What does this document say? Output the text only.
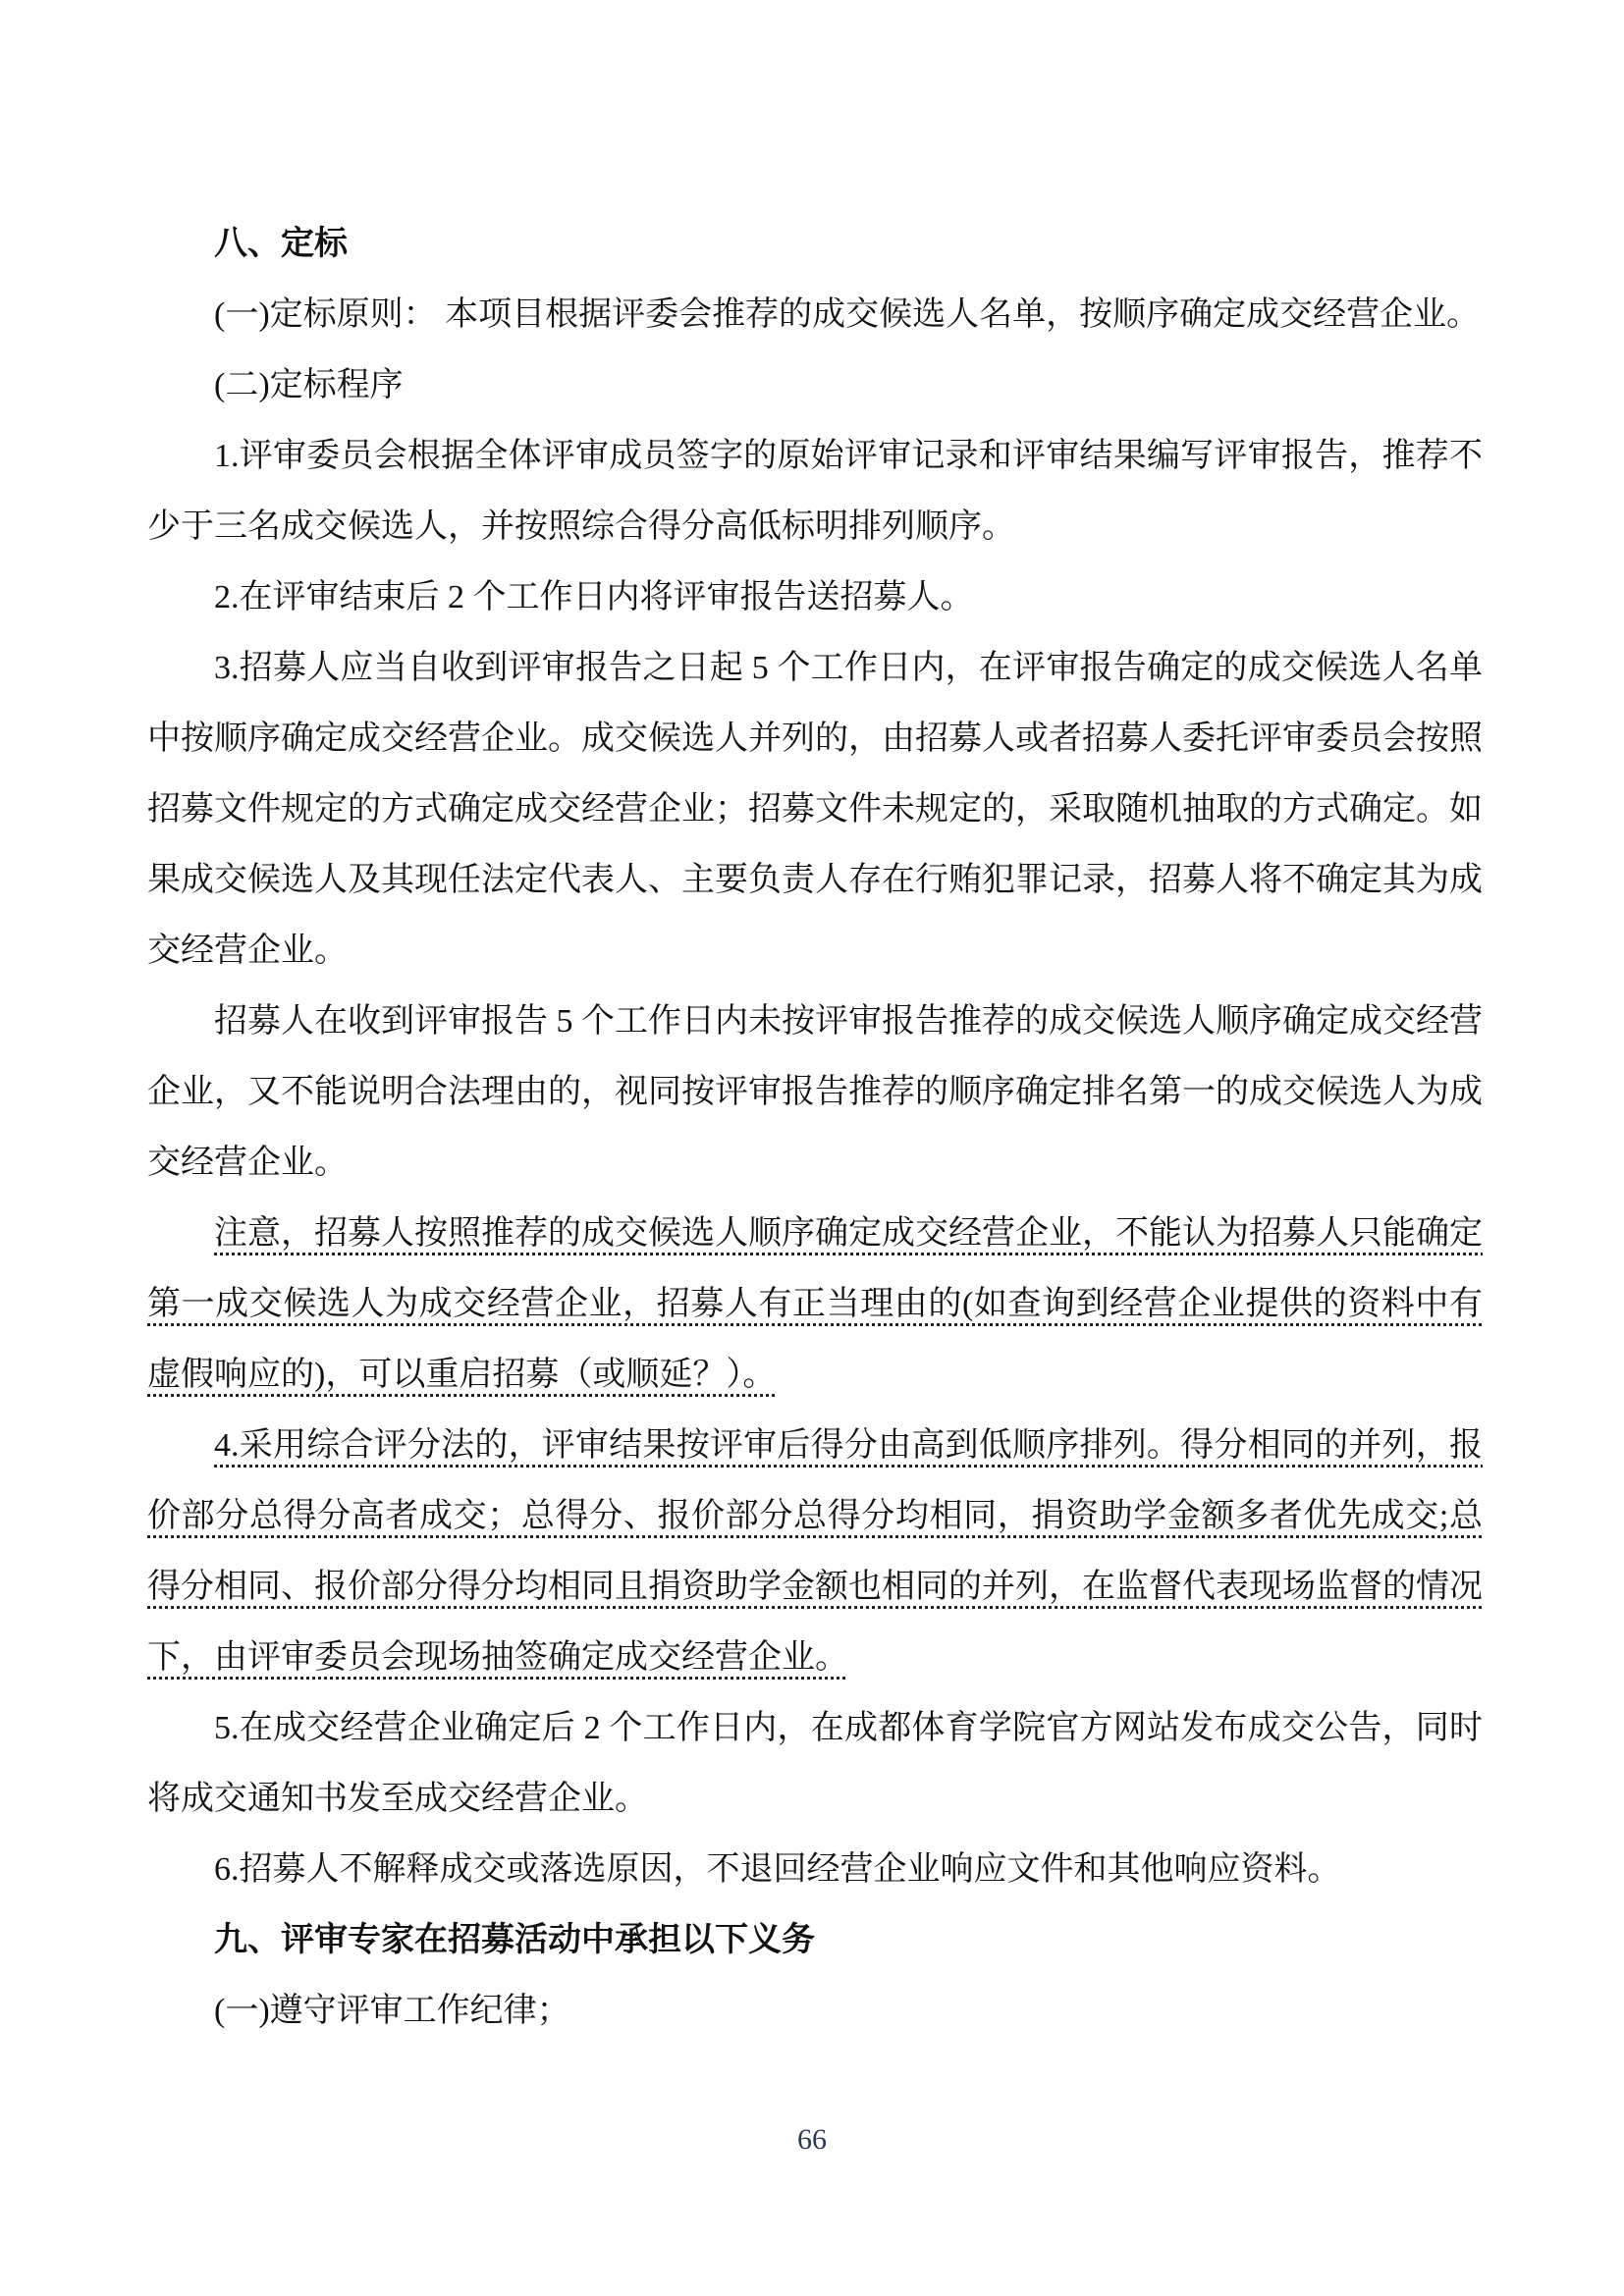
八、定标
(一)定标原则： 本项目根据评委会推荐的成交候选人名单，按顺序确定成交经营企业。
(二)定标程序
1.评审委员会根据全体评审成员签字的原始评审记录和评审结果编写评审报告，推荐不少于三名成交候选人，并按照综合得分高低标明排列顺序。
2.在评审结束后 2 个工作日内将评审报告送招募人。
3.招募人应当自收到评审报告之日起 5 个工作日内，在评审报告确定的成交候选人名单中按顺序确定成交经营企业。成交候选人并列的，由招募人或者招募人委托评审委员会按照招募文件规定的方式确定成交经营企业；招募文件未规定的，采取随机抽取的方式确定。如果成交候选人及其现任法定代表人、主要负责人存在行贿犯罪记录，招募人将不确定其为成交经营企业。
招募人在收到评审报告 5 个工作日内未按评审报告推荐的成交候选人顺序确定成交经营企业，又不能说明合法理由的，视同按评审报告推荐的顺序确定排名第一的成交候选人为成交经营企业。
注意，招募人按照推荐的成交候选人顺序确定成交经营企业，不能认为招募人只能确定第一成交候选人为成交经营企业，招募人有正当理由的(如查询到经营企业提供的资料中有虚假响应的)，可以重启招募（或顺延？）。
4.采用综合评分法的，评审结果按评审后得分由高到低顺序排列。得分相同的并列，报价部分总得分高者成交；总得分、报价部分总得分均相同，捐资助学金额多者优先成交;总得分相同、报价部分得分均相同且捐资助学金额也相同的并列，在监督代表现场监督的情况下，由评审委员会现场抽签确定成交经营企业。
5.在成交经营企业确定后 2 个工作日内，在成都体育学院官方网站发布成交公告，同时将成交通知书发至成交经营企业。
6.招募人不解释成交或落选原因，不退回经营企业响应文件和其他响应资料。
九、评审专家在招募活动中承担以下义务
(一)遵守评审工作纪律；
66
